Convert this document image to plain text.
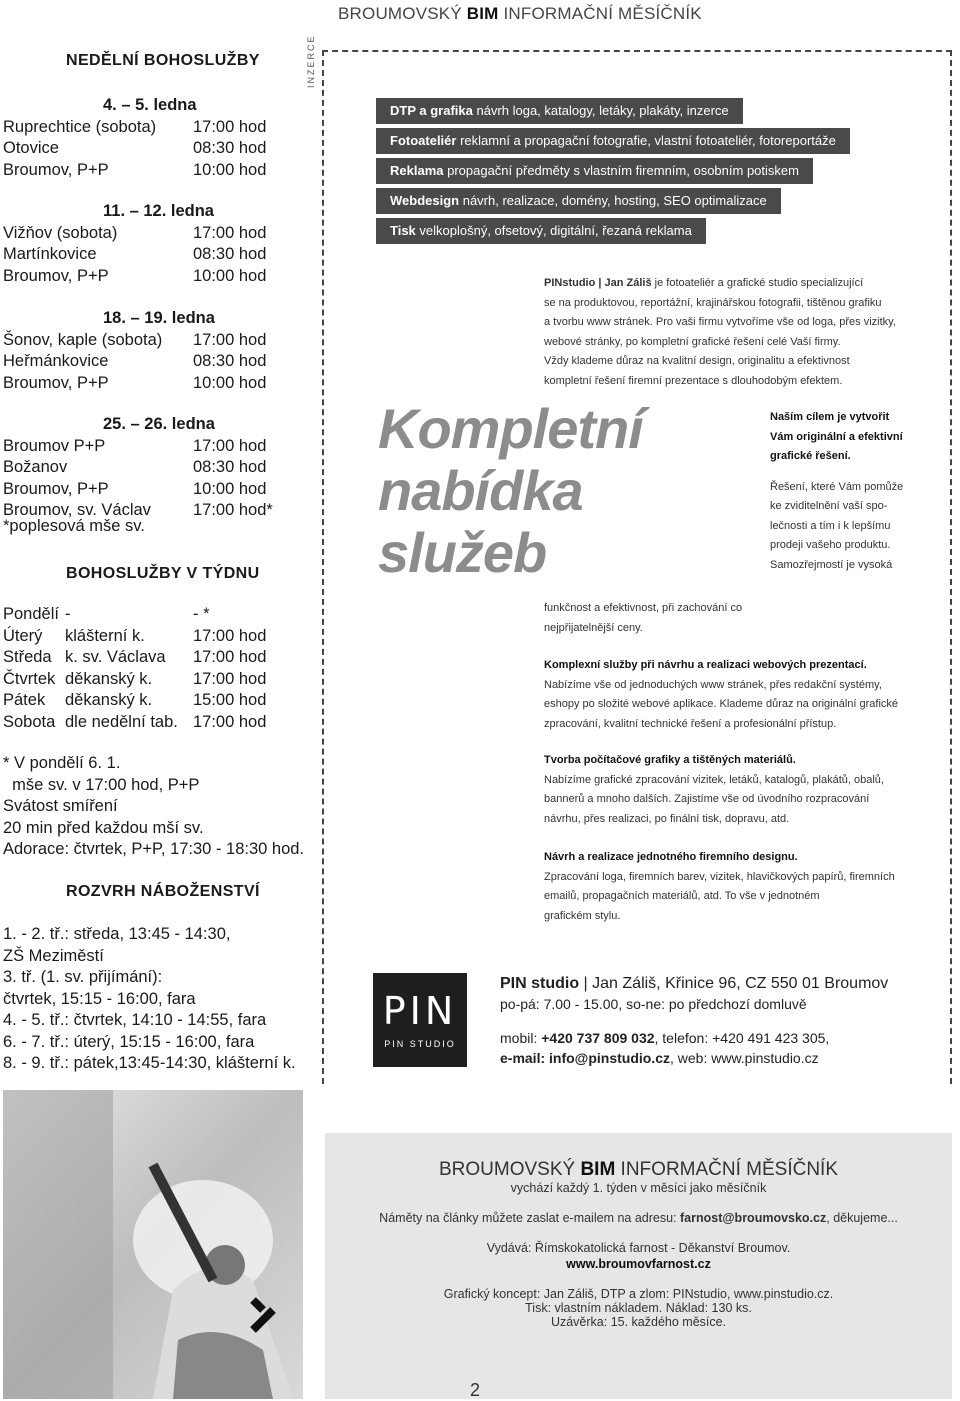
BROUMOVSKÝ BIM INFORMAČNÍ MĚSÍČNÍK
NEDĚLNÍ BOHOSLUŽBY
4. – 5. ledna
Ruprechtice (sobota)	17:00 hod
Otovice	08:30 hod
Broumov, P+P	10:00 hod
11. – 12. ledna
Vižňov (sobota)	17:00 hod
Martínkovice	08:30 hod
Broumov, P+P	10:00 hod
18. – 19. ledna
Šonov, kaple (sobota)	17:00 hod
Heřmánkovice	08:30 hod
Broumov, P+P	10:00 hod
25. – 26. ledna
Broumov P+P	17:00 hod
Božanov	08:30 hod
Broumov, P+P	10:00 hod
Broumov, sv. Václav	17:00 hod*
*poplesová mše sv.
BOHOSLUŽBY V TÝDNU
Pondělí -	- *
Úterý	klášterní k.	17:00 hod
Středa k. sv. Václava	17:00 hod
Čtvrtek děkanský k.	17:00 hod
Pátek	děkanský k.	15:00 hod
Sobota dle nedělní tab. 17:00 hod
* V pondělí 6. 1.
mše sv. v 17:00 hod, P+P
Svátost smíření
20 min před každou mší sv.
Adorace: čtvrtek, P+P, 17:30 - 18:30 hod.
ROZVRH NÁBOŽENSTVÍ
1. - 2. tř.: středa, 13:45 - 14:30,
ZŠ Meziměstí
3. tř. (1. sv. přijímání):
čtvrtek, 15:15 - 16:00, fara
4. - 5. tř.: čtvrtek, 14:10 - 14:55, fara
6. - 7. tř.: úterý, 15:15 - 16:00, fara
8. - 9. tř.: pátek,13:45-14:30, klášterní k.
INZERCE
DTP a grafika návrh loga, katalogy, letáky, plakáty, inzerce
Fotoateliér reklamní a propagační fotografie, vlastní fotoateliér, fotoreportáže
Reklama propagační předměty s vlastním firemním, osobním potiskem
Webdesign návrh, realizace, domény, hosting, SEO optimalizace
Tisk velkoplošný, ofsetový, digitální, řezaná reklama
PINstudio | Jan Záliš je fotoateliér a grafické studio specializující
se na produktovou, reportážní, krajinářskou fotografii, tištěnou grafiku
a tvorbu www stránek. Pro vaši firmu vytvoříme vše od loga, přes vizitky,
webové stránky, po kompletní grafické řešení celé Vaší firmy.
Vždy klademe důraz na kvalitní design, originalitu a efektivnost
kompletní řešení firemní prezentace s dlouhodobým efektem.
Kompletní
nabídka
služeb
Naším cílem je vytvořit
Vám originální a efektivní
grafické řešení.
Řešení, které Vám pomůže
ke zviditelnění vaší spo-
lečnosti a tím i k lepšímu
prodeji vašeho produktu.
Samozřejmostí je vysoká
funkčnost a efektivnost, při zachování co
nejpřijatelnější ceny.
Komplexní služby při návrhu a realizaci webových prezentací.
Nabízíme vše od jednoduchých www stránek, přes redakční systémy,
eshopy po složité webové aplikace. Klademe důraz na originální grafické
zpracování, kvalitní technické řešení a profesionální přístup.
Tvorba počítačové grafiky a tištěných materiálů.
Nabízíme grafické zpracování vizitek, letáků, katalogů, plakátů, obalů,
bannerů a mnoho dalších. Zajistíme vše od úvodního rozpracování
návrhu, přes realizaci, po finální tisk, dopravu, atd.
Návrh a realizace jednotného firemního designu.
Zpracování loga, firemních barev, vizitek, hlavičkových papírů, firemních
emailů, propagačních materiálů, atd. To vše v jednotném
grafickém stylu.
PIN
PIN STUDIO
PIN studio | Jan Záliš, Křinice 96, CZ 550 01 Broumov
po-pá: 7.00 - 15.00, so-ne: po předchozí domluvě
mobil: +420 737 809 032, telefon: +420 491 423 305,
e-mail: info@pinstudio.cz, web: www.pinstudio.cz
BROUMOVSKÝ BIM INFORMAČNÍ MĚSÍČNÍK
vychází každý 1. týden v měsíci jako měsíčník
Náměty na články můžete zaslat e-mailem na adresu: farnost@broumovsko.cz, děkujeme...
Vydává: Římskokatolická farnost - Děkanství Broumov.
www.broumovfarnost.cz
Grafický koncept: Jan Záliš, DTP a zlom: PINstudio, www.pinstudio.cz.
Tisk: vlastním nákladem. Náklad: 130 ks.
Uzávěrka: 15. každého měsíce.
2
